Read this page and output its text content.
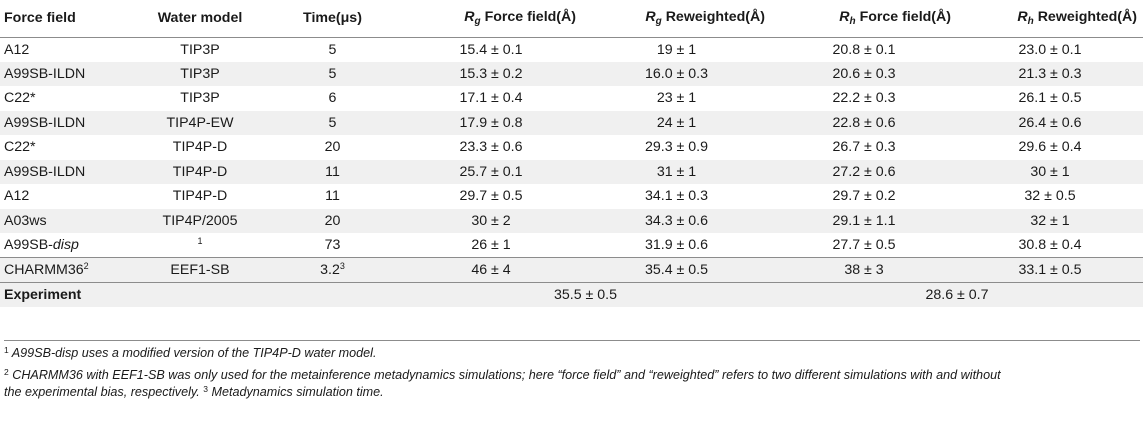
Force field	Water model	Time(μs)	$R_g$ Force field(Å)	$R_g$ Reweighted(Å)	$R_h$ Force field(Å)	$R_h$ Reweighted(Å)
A12	TIP3P	5	15.4 ± 0.1	19 ± 1	20.8 ± 0.1	23.0 ± 0.1
A99SB-ILDN	TIP3P	5	15.3 ± 0.2	16.0 ± 0.3	20.6 ± 0.3	21.3 ± 0.3
C22*	TIP3P	6	17.1 ± 0.4	23 ± 1	22.2 ± 0.3	26.1 ± 0.5
A99SB-ILDN	TIP4P-EW	5	17.9 ± 0.8	24 ± 1	22.8 ± 0.6	26.4 ± 0.6
C22*	TIP4P-D	20	23.3 ± 0.6	29.3 ± 0.9	26.7 ± 0.3	29.6 ± 0.4
A99SB-ILDN	TIP4P-D	11	25.7 ± 0.1	31 ± 1	27.2 ± 0.6	30 ± 1
A12	TIP4P-D	11	29.7 ± 0.5	34.1 ± 0.3	29.7 ± 0.2	32 ± 0.5
A03ws	TIP4P/2005	20	30 ± 2	34.3 ± 0.6	29.1 ± 1.1	32 ± 1
A99SB-disp	$^1$	73	26 ± 1	31.9 ± 0.6	27.7 ± 0.5	30.8 ± 0.4
$CHARMM36^2$	EEF1-SB	$3.2^3$	46 ± 4	35.4 ± 0.5	38 ± 3	33.1 ± 0.5
Experiment			35.5 ± 0.5		28.6 ± 0.7	

$^1$ A99SB-disp uses a modified version of the TIP4P-D water model.

$^2$ CHARMM36 with EEF1-SB was only used for the metainference metadynamics simulations; here “force field” and “reweighted” refers to two different simulations with and without
the experimental bias, respectively. $^3$ Metadynamics simulation time.
